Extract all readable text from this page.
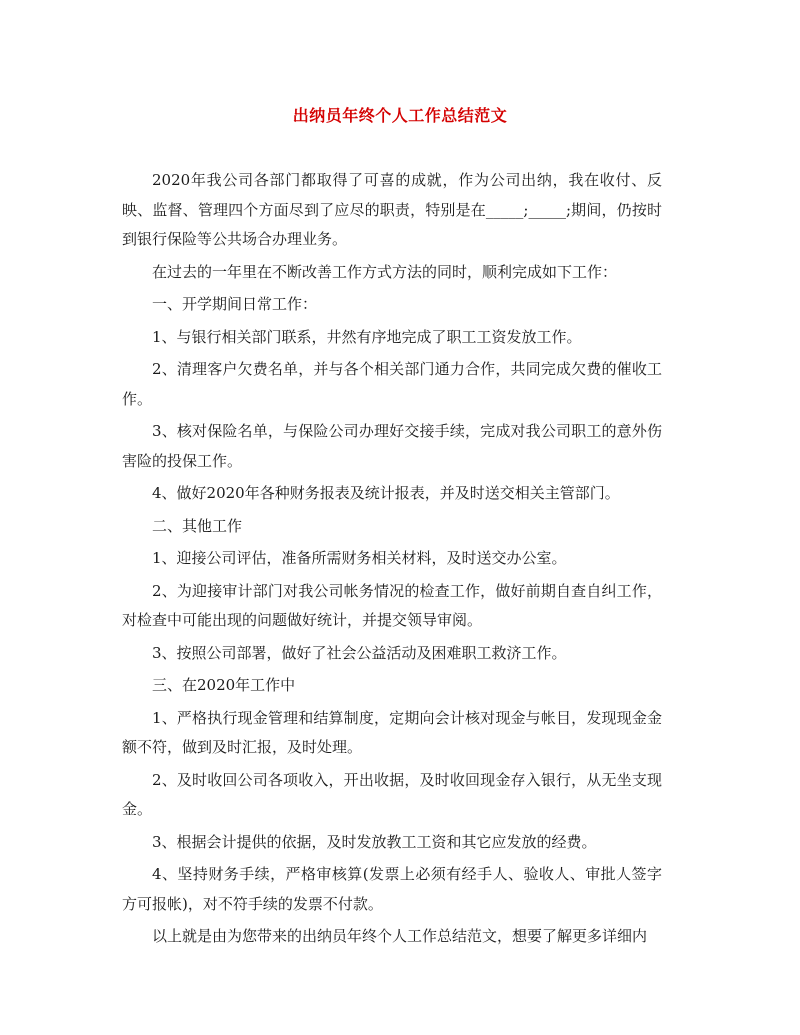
出纳员年终个人工作总结范文

2020年我公司各部门都取得了可喜的成就，作为公司出纳，我在收付、反映、监督、管理四个方面尽到了应尽的职责，特别是在_____;_____;期间，仍按时到银行保险等公共场合办理业务。

在过去的一年里在不断改善工作方式方法的同时，顺利完成如下工作：

一、开学期间日常工作：

1、与银行相关部门联系，井然有序地完成了职工工资发放工作。

2、清理客户欠费名单，并与各个相关部门通力合作，共同完成欠费的催收工作。

3、核对保险名单，与保险公司办理好交接手续，完成对我公司职工的意外伤害险的投保工作。

4、做好2020年各种财务报表及统计报表，并及时送交相关主管部门。

二、其他工作

1、迎接公司评估，准备所需财务相关材料，及时送交办公室。

2、为迎接审计部门对我公司帐务情况的检查工作，做好前期自查自纠工作，对检查中可能出现的问题做好统计，并提交领导审阅。

3、按照公司部署，做好了社会公益活动及困难职工救济工作。

三、在2020年工作中

1、严格执行现金管理和结算制度，定期向会计核对现金与帐目，发现现金金额不符，做到及时汇报，及时处理。

2、及时收回公司各项收入，开出收据，及时收回现金存入银行，从无坐支现金。

3、根据会计提供的依据，及时发放教工工资和其它应发放的经费。

4、坚持财务手续，严格审核算(发票上必须有经手人、验收人、审批人签字方可报帐)，对不符手续的发票不付款。

以上就是由为您带来的出纳员年终个人工作总结范文，想要了解更多详细内
